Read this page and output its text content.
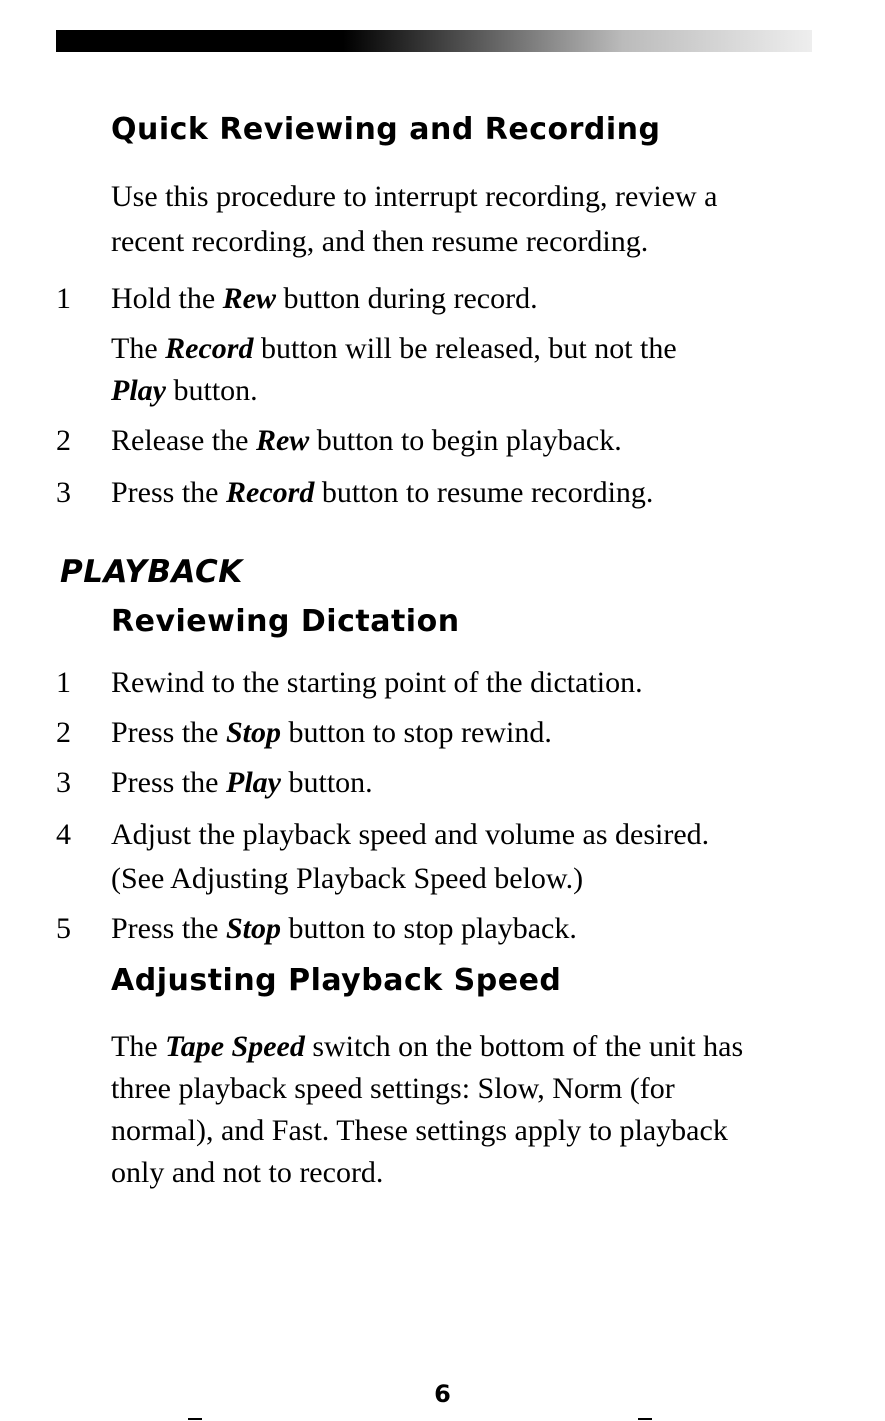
Quick Reviewing and Recording
Use this procedure to interrupt recording, review a
recent recording, and then resume recording.
1 Hold the Rew button during record.
The Record button will be released, but not the
Play button.
2 Release the Rew button to begin playback.
3 Press the Record button to resume recording.
PLAYBACK
Reviewing Dictation
1 Rewind to the starting point of the dictation.
2 Press the Stop button to stop rewind.
3 Press the Play button.
4 Adjust the playback speed and volume as desired.
(See Adjusting Playback Speed below.)
5 Press the Stop button to stop playback.
Adjusting Playback Speed
The Tape Speed switch on the bottom of the unit has
three playback speed settings: Slow, Norm (for
normal), and Fast. These settings apply to playback
only and not to record.
6
